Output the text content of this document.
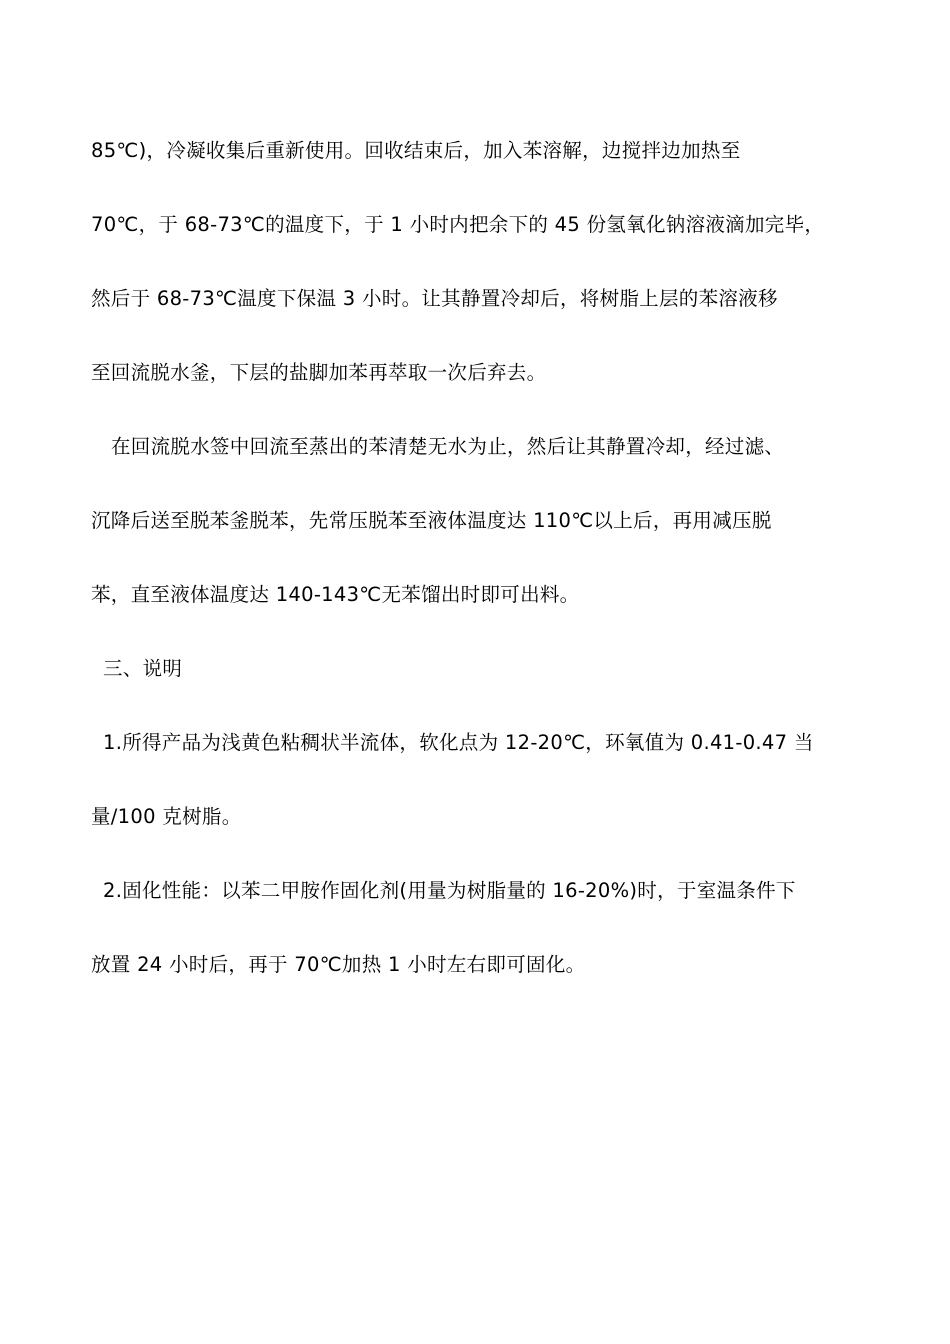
85℃)，冷凝收集后重新使用。回收结束后，加入苯溶解，边搅拌边加热至
70℃，于 68-73℃的温度下，于 1 小时内把余下的 45 份氢氧化钠溶液滴加完毕，
然后于 68-73℃温度下保温 3 小时。让其静置冷却后，将树脂上层的苯溶液移
至回流脱水釜，下层的盐脚加苯再萃取一次后弃去。
在回流脱水签中回流至蒸出的苯清楚无水为止，然后让其静置冷却，经过滤、
沉降后送至脱苯釜脱苯，先常压脱苯至液体温度达 110℃以上后，再用减压脱
苯，直至液体温度达 140-143℃无苯馏出时即可出料。
三、说明
1.所得产品为浅黄色粘稠状半流体，软化点为 12-20℃，环氧值为 0.41-0.47 当
量/100 克树脂。
2.固化性能：以苯二甲胺作固化剂(用量为树脂量的 16-20%)时，于室温条件下
放置 24 小时后，再于 70℃加热 1 小时左右即可固化。
